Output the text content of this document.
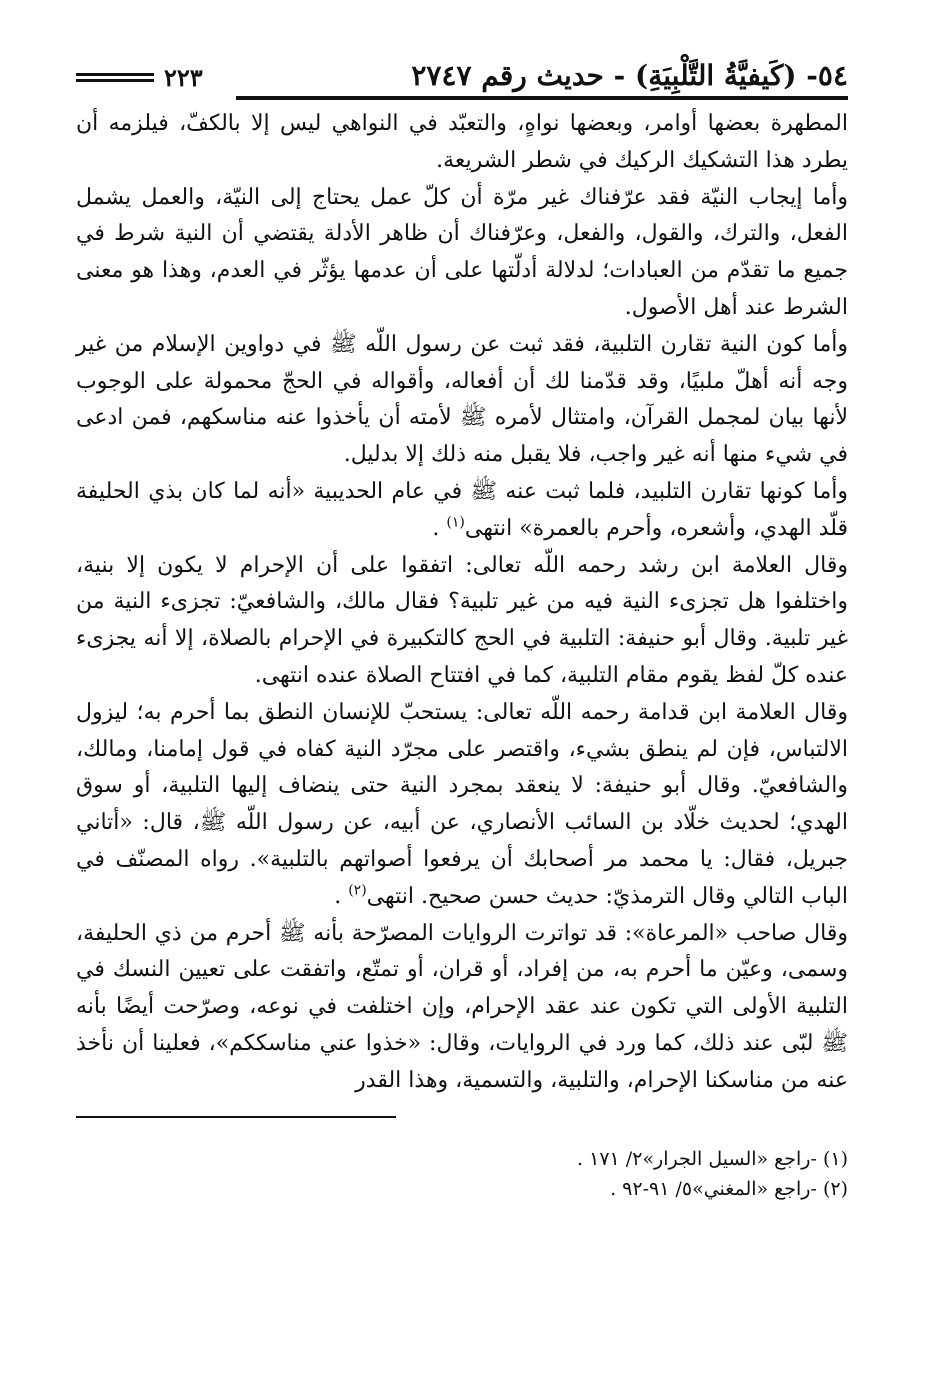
٥٤- (كَيفيَّةُ التَّلْبِيَةِ) - حديث رقم ٢٧٤٧
٢٢٣

المطهرة بعضها أوامر، وبعضها نواهٍ، والتعبّد في النواهي ليس إلا بالكفّ، فيلزمه أن يطرد هذا التشكيك الركيك في شطر الشريعة.

وأما إيجاب النيّة فقد عرّفناك غير مرّة أن كلّ عمل يحتاج إلى النيّة، والعمل يشمل الفعل، والترك، والقول، والفعل، وعرّفناك أن ظاهر الأدلة يقتضي أن النية شرط في جميع ما تقدّم من العبادات؛ لدلالة أدلّتها على أن عدمها يؤثّر في العدم، وهذا هو معنى الشرط عند أهل الأصول.

وأما كون النية تقارن التلبية، فقد ثبت عن رسول اللّه ﷺ في دواوين الإسلام من غير وجه أنه أهلّ ملبيًا، وقد قدّمنا لك أن أفعاله، وأقواله في الحجّ محمولة على الوجوب لأنها بيان لمجمل القرآن، وامتثال لأمره ﷺ لأمته أن يأخذوا عنه مناسكهم، فمن ادعى في شيء منها أنه غير واجب، فلا يقبل منه ذلك إلا بدليل.

وأما كونها تقارن التلبيد، فلما ثبت عنه ﷺ في عام الحديبية «أنه لما كان بذي الحليفة قلّد الهدي، وأشعره، وأحرم بالعمرة» انتهى$^{(١)}$ .

وقال العلامة ابن رشد رحمه اللّه تعالى: اتفقوا على أن الإحرام لا يكون إلا بنية، واختلفوا هل تجزىء النية فيه من غير تلبية؟ فقال مالك، والشافعيّ: تجزىء النية من غير تلبية. وقال أبو حنيفة: التلبية في الحج كالتكبيرة في الإحرام بالصلاة، إلا أنه يجزىء عنده كلّ لفظ يقوم مقام التلبية، كما في افتتاح الصلاة عنده انتهى.

وقال العلامة ابن قدامة رحمه اللّه تعالى: يستحبّ للإنسان النطق بما أحرم به؛ ليزول الالتباس، فإن لم ينطق بشيء، واقتصر على مجرّد النية كفاه في قول إمامنا، ومالك، والشافعيّ. وقال أبو حنيفة: لا ينعقد بمجرد النية حتى ينضاف إليها التلبية، أو سوق الهدي؛ لحديث خلّاد بن السائب الأنصاري، عن أبيه، عن رسول اللّه ﷺ، قال: «أتاني جبريل، فقال: يا محمد مر أصحابك أن يرفعوا أصواتهم بالتلبية». رواه المصنّف في الباب التالي وقال الترمذيّ: حديث حسن صحيح. انتهى$^{(٢)}$ .

وقال صاحب «المرعاة»: قد تواترت الروايات المصرّحة بأنه ﷺ أحرم من ذي الحليفة، وسمى، وعيّن ما أحرم به، من إفراد، أو قران، أو تمتّع، واتفقت على تعيين النسك في التلبية الأولى التي تكون عند عقد الإحرام، وإن اختلفت في نوعه، وصرّحت أيضًا بأنه ﷺ لبّى عند ذلك، كما ورد في الروايات، وقال: «خذوا عني مناسككم»، فعلينا أن نأخذ عنه من مناسكنا الإحرام، والتلبية، والتسمية، وهذا القدر

(١) -راجع «السيل الجرار»٢/ ١٧١ .
(٢) -راجع «المغني»٥/ ٩١-٩٢ .
